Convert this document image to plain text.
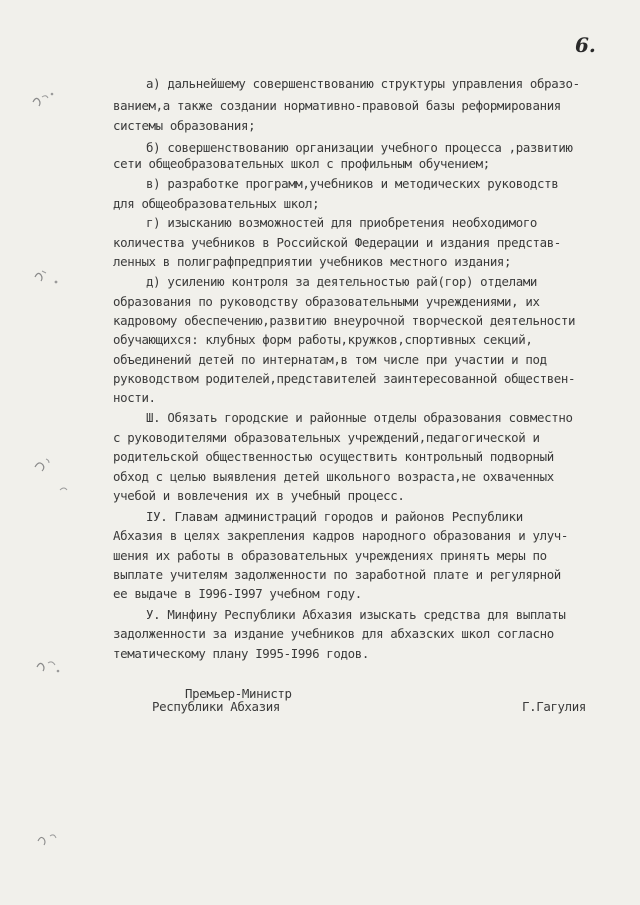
6.
а) дальнейшему совершенствованию структуры управления образо-
ванием,а также создании нормативно-правовой базы реформирования
системы образования;
б) совершенствованию организации учебного процесса ,развитию
сети общеобразовательных школ с профильным обучением;
в) разработке программ,учебников и методических руководств
для общеобразовательных школ;
г) изысканию возможностей для приобретения необходимого
количества учебников в Российской Федерации и издания представ-
ленных в полиграфпредприятии учебников местного издания;
д) усилению контроля за деятельностью рай(гор) отделами
образования по руководству образовательными учреждениями, их
кадровому обеспечению,развитию внеурочной творческой деятельности
обучающихся: клубных форм работы,кружков,спортивных секций,
объединений детей по интернатам,в том числе при участии и под
руководством родителей,представителей заинтересованной обществен-
ности.
Ш. Обязать городские и районные отделы образования совместно
с руководителями образовательных учреждений,педагогической и
родительской общественностью осуществить контрольный подворный
обход с целью выявления детей школьного возраста,не охваченных
учебой и вовлечения их в учебный процесс.
IУ. Главам администраций городов и районов Республики
Абхазия в целях закрепления кадров народного образования и улуч-
шения их работы в образовательных учреждениях принять меры по
выплате учителям задолженности по заработной плате и регулярной
ее выдаче в I996-I997 учебном году.
У. Минфину Республики Абхазия изыскать средства для выплаты
задолженности за издание учебников для абхазских школ согласно
тематическому плану I995-I996 годов.
Премьер-Министр
Республики Абхазия	Г.Гагулия
